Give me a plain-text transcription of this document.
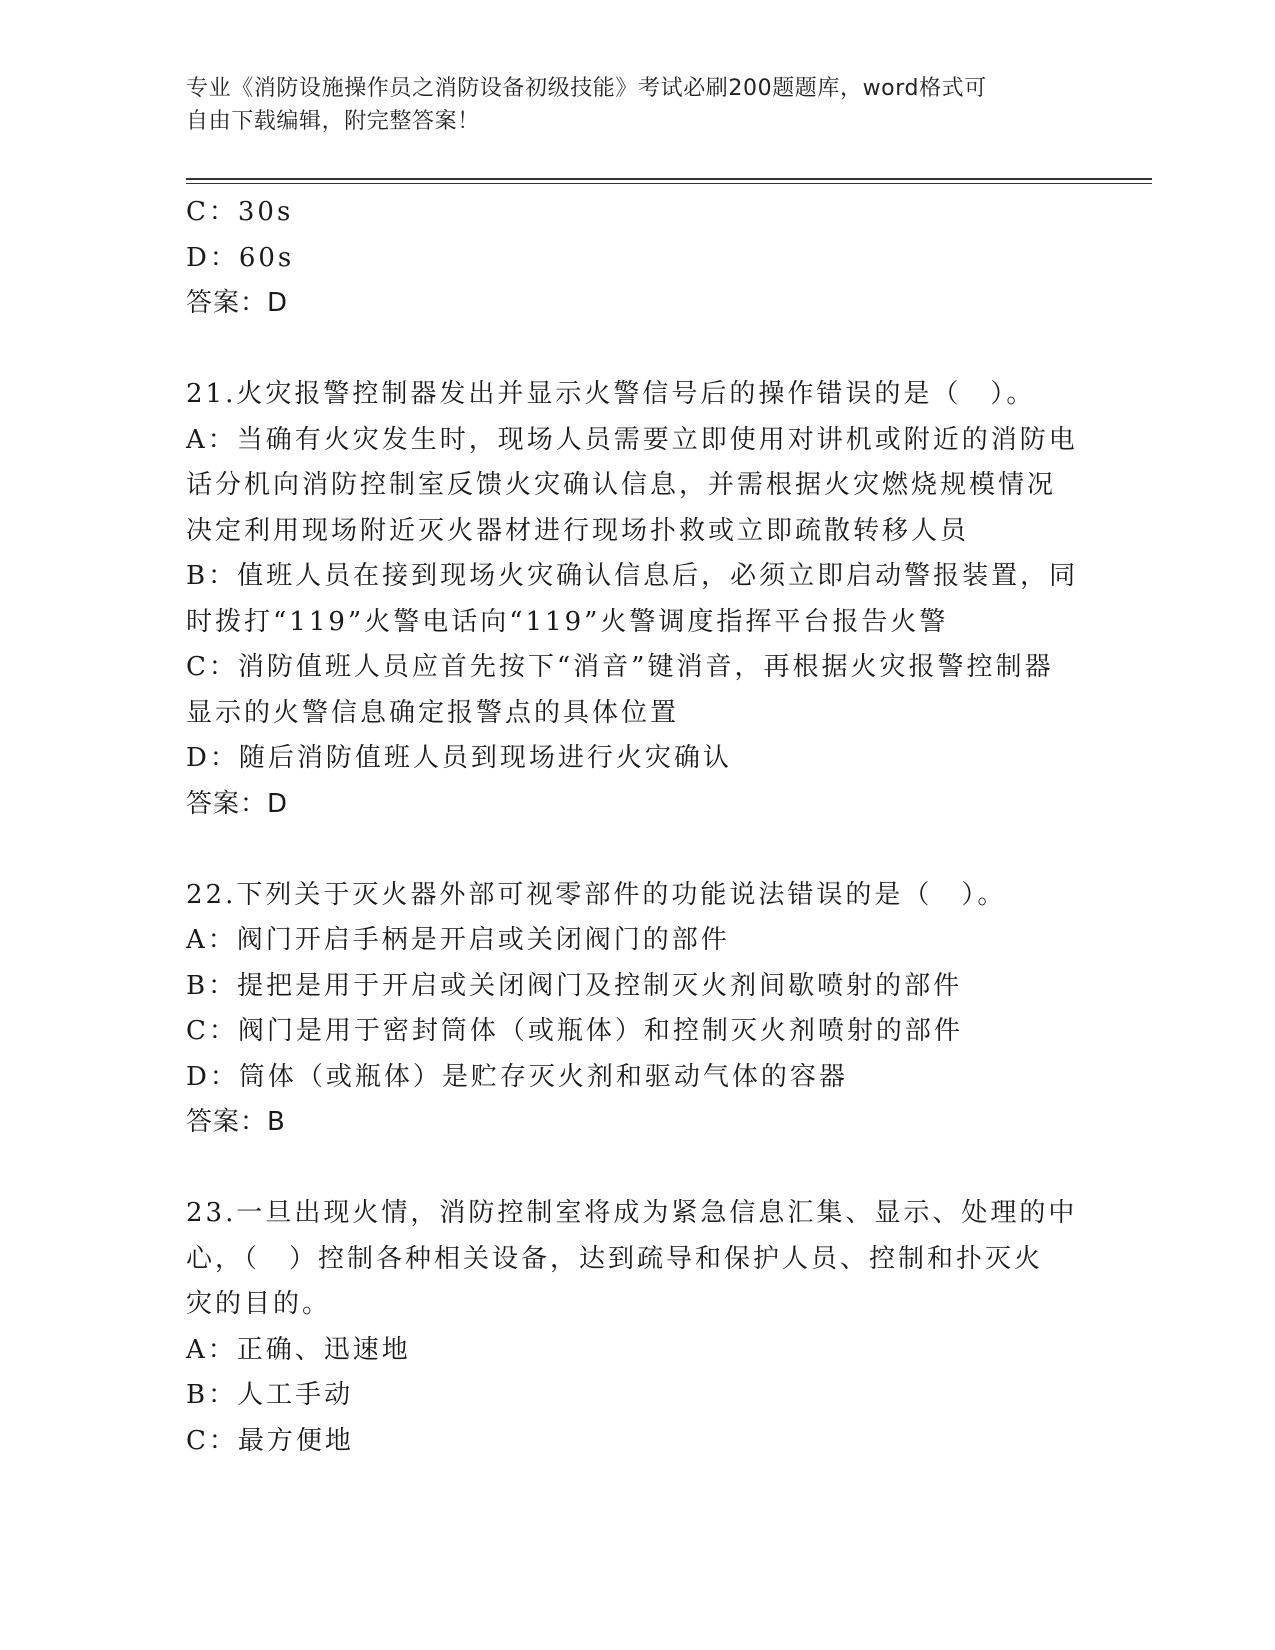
专业《消防设施操作员之消防设备初级技能》考试必刷200题题库，word格式可
自由下载编辑，附完整答案！
C：30s
D：60s
答案：D
21.火灾报警控制器发出并显示火警信号后的操作错误的是（　）。
A：当确有火灾发生时，现场人员需要立即使用对讲机或附近的消防电
话分机向消防控制室反馈火灾确认信息，并需根据火灾燃烧规模情况
决定利用现场附近灭火器材进行现场扑救或立即疏散转移人员
B：值班人员在接到现场火灾确认信息后，必须立即启动警报装置，同
时拨打“119”火警电话向“119”火警调度指挥平台报告火警
C：消防值班人员应首先按下“消音”键消音，再根据火灾报警控制器
显示的火警信息确定报警点的具体位置
D：随后消防值班人员到现场进行火灾确认
答案：D
22.下列关于灭火器外部可视零部件的功能说法错误的是（　）。
A：阀门开启手柄是开启或关闭阀门的部件
B：提把是用于开启或关闭阀门及控制灭火剂间歇喷射的部件
C：阀门是用于密封筒体（或瓶体）和控制灭火剂喷射的部件
D：筒体（或瓶体）是贮存灭火剂和驱动气体的容器
答案：B
23.一旦出现火情，消防控制室将成为紧急信息汇集、显示、处理的中
心，（　）控制各种相关设备，达到疏导和保护人员、控制和扑灭火
灾的目的。
A：正确、迅速地
B：人工手动
C：最方便地
